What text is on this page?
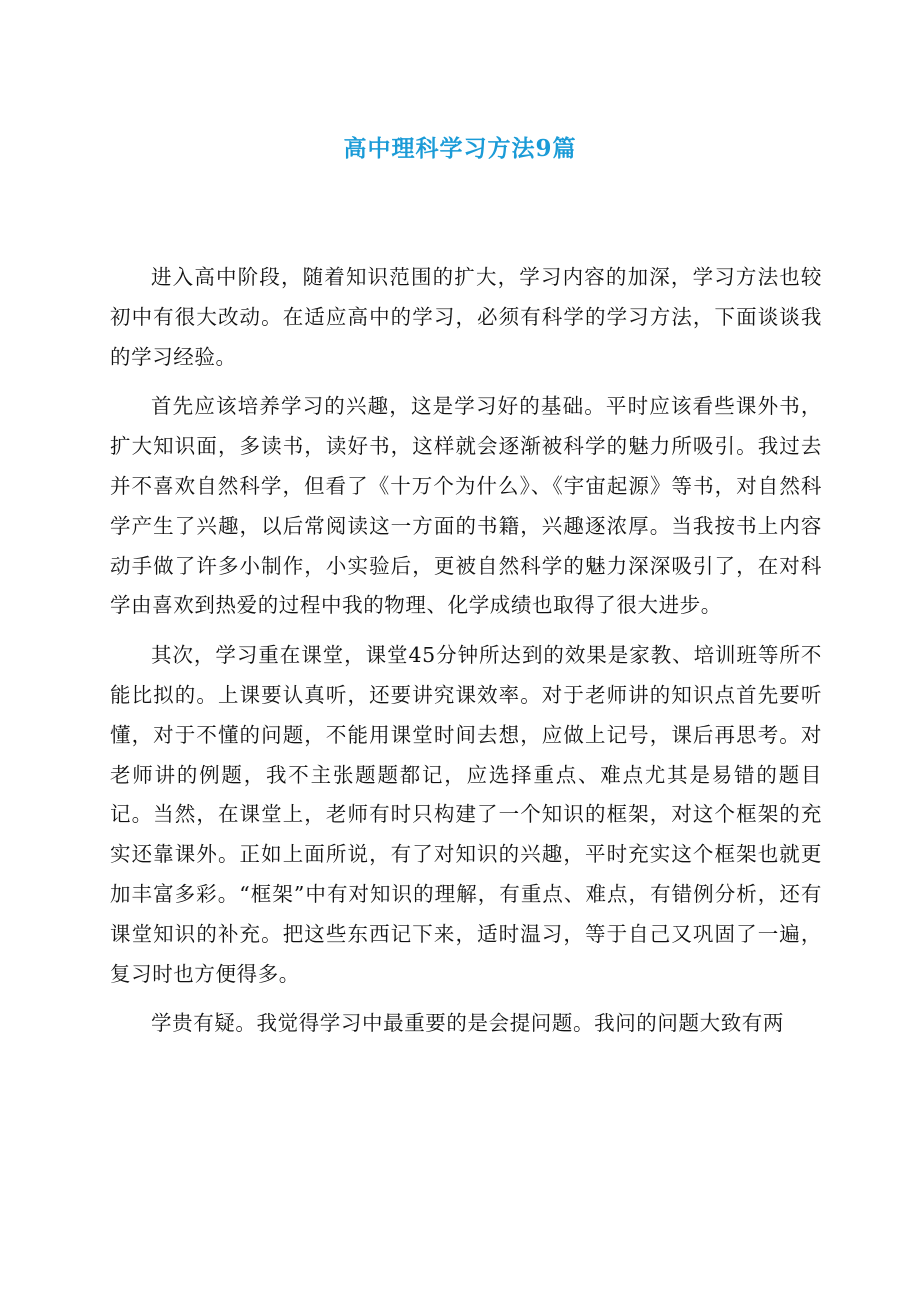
高中理科学习方法9篇

进入高中阶段，随着知识范围的扩大，学习内容的加深，学习方法也较初中有很大改动。在适应高中的学习，必须有科学的学习方法，下面谈谈我的学习经验。

首先应该培养学习的兴趣，这是学习好的基础。平时应该看些课外书，扩大知识面，多读书，读好书，这样就会逐渐被科学的魅力所吸引。我过去并不喜欢自然科学，但看了《十万个为什么》、《宇宙起源》等书，对自然科学产生了兴趣，以后常阅读这一方面的书籍，兴趣逐浓厚。当我按书上内容动手做了许多小制作，小实验后，更被自然科学的魅力深深吸引了，在对科学由喜欢到热爱的过程中我的物理、化学成绩也取得了很大进步。

其次，学习重在课堂，课堂45分钟所达到的效果是家教、培训班等所不能比拟的。上课要认真听，还要讲究课效率。对于老师讲的知识点首先要听懂，对于不懂的问题，不能用课堂时间去想，应做上记号，课后再思考。对老师讲的例题，我不主张题题都记，应选择重点、难点尤其是易错的题目记。当然，在课堂上，老师有时只构建了一个知识的框架，对这个框架的充实还靠课外。正如上面所说，有了对知识的兴趣，平时充实这个框架也就更加丰富多彩。“框架”中有对知识的理解，有重点、难点，有错例分析，还有课堂知识的补充。把这些东西记下来，适时温习，等于自己又巩固了一遍，复习时也方便得多。

学贵有疑。我觉得学习中最重要的是会提问题。我问的问题大致有两
